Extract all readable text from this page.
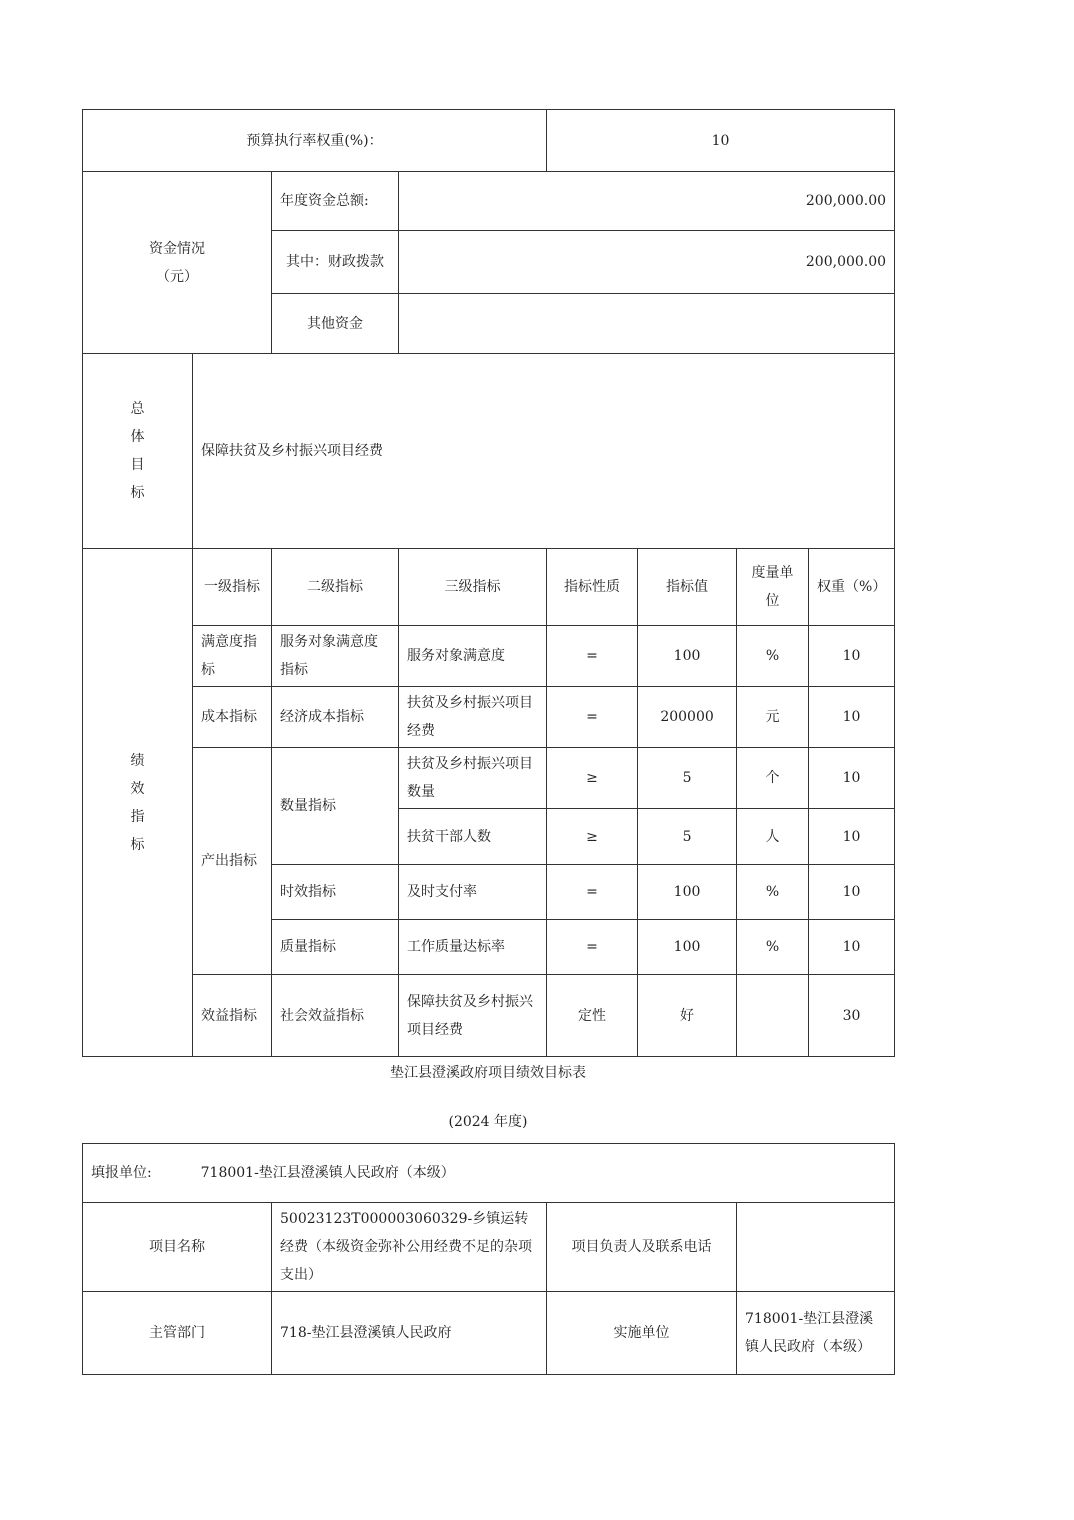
预算执行率权重(%)：				10			

资金情况
（元）		年度资金总额:	200,000.00				
		其中：财政拨款	200,000.00				
		其他资金					

总
体
目
标	保障扶贫及乡村振兴项目经费						

绩
效
指
标	一级指标	二级指标	三级指标	指标性质	指标值	度量单位	权重（%）
	满意度指标	服务对象满意度指标	服务对象满意度	=	100	%	10
	成本指标	经济成本指标	扶贫及乡村振兴项目经费	=	200000	元	10
	产出指标	数量指标	扶贫及乡村振兴项目数量	≥	5	个	10
			扶贫干部人数	≥	5	人	10
		时效指标	及时支付率	=	100	%	10
		质量指标	工作质量达标率	=	100	%	10
	效益指标	社会效益指标	保障扶贫及乡村振兴项目经费	定性	好		30
垫江县澄溪政府项目绩效目标表
(2024 年度)
填报单位: 718001-垫江县澄溪镇人民政府（本级）			
项目名称	50023123T000003060329-乡镇运转经费（本级资金弥补公用经费不足的杂项支出）	项目负责人及联系电话	
主管部门	718-垫江县澄溪镇人民政府	实施单位	718001-垫江县澄溪镇人民政府（本级）
